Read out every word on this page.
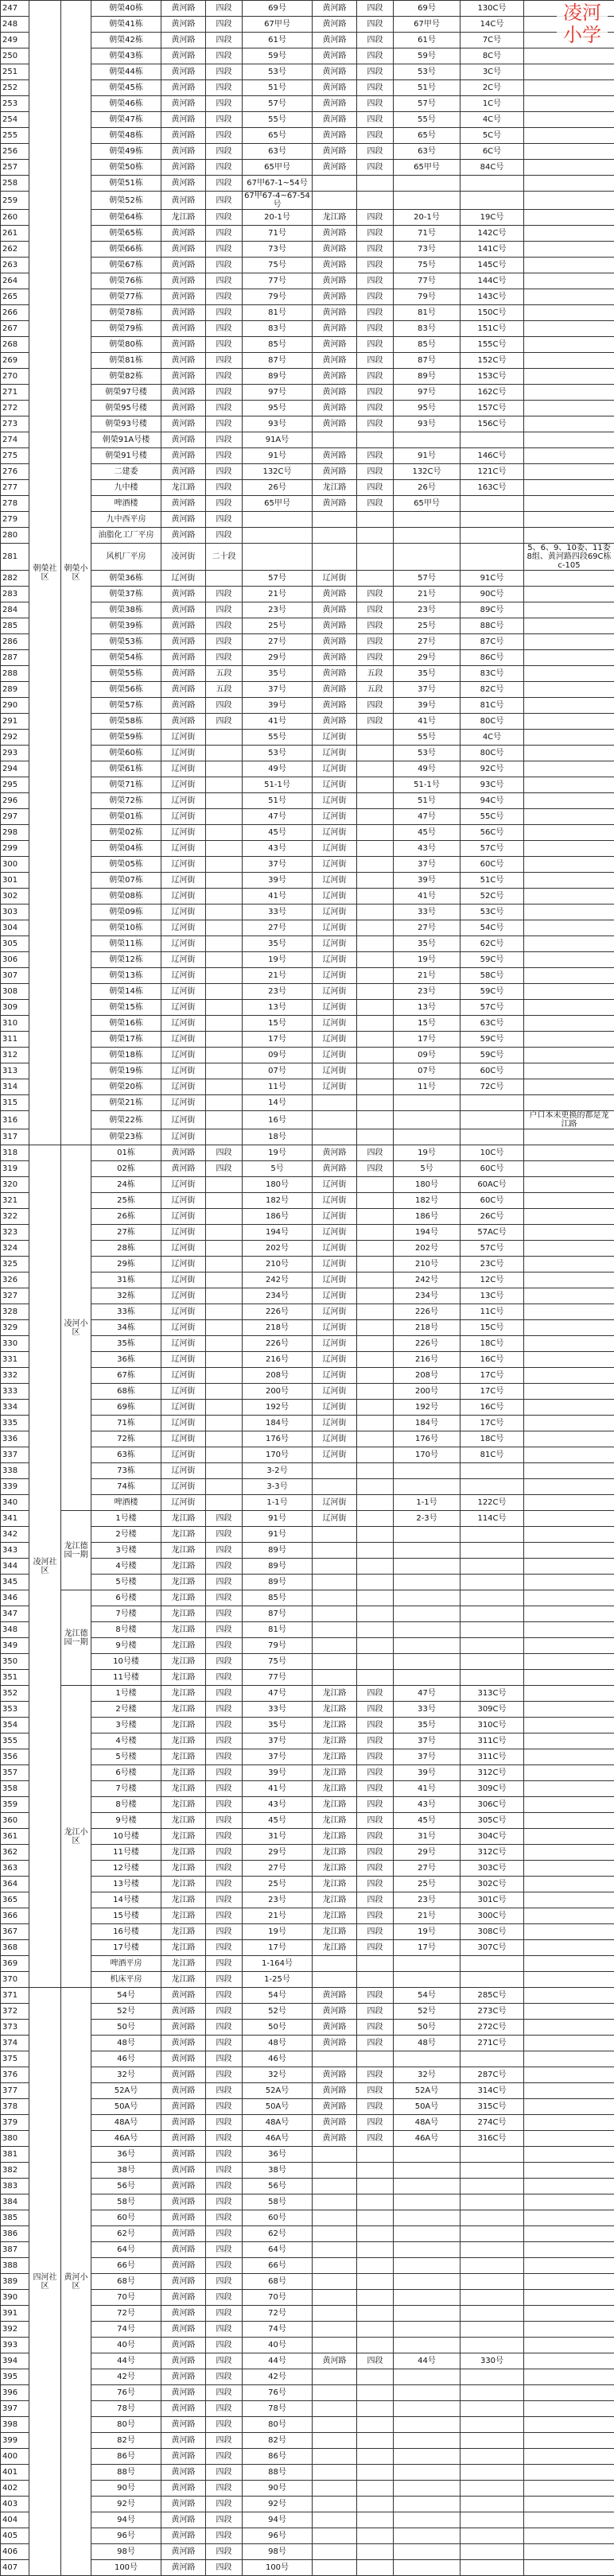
247	朝榮社区	朝榮小区	朝榮40栋	黄河路	四段	69号	黄河路	四段	69号	130C号	
248			朝榮41栋	黄河路	四段	67甲号	黄河路	四段	67甲号	14C号	
249			朝榮42栋	黄河路	四段	61号	黄河路	四段	61号	7C号	
250			朝榮43栋	黄河路	四段	59号	黄河路	四段	59号	8C号	
251			朝榮44栋	黄河路	四段	53号	黄河路	四段	53号	3C号	
252			朝榮45栋	黄河路	四段	51号	黄河路	四段	51号	2C号	
253			朝榮46栋	黄河路	四段	57号	黄河路	四段	57号	1C号	
254			朝榮47栋	黄河路	四段	55号	黄河路	四段	55号	4C号	
255			朝榮48栋	黄河路	四段	65号	黄河路	四段	65号	5C号	
256			朝榮49栋	黄河路	四段	63号	黄河路	四段	63号	6C号	
257			朝榮50栋	黄河路	四段	65甲号	黄河路	四段	65甲号	84C号	
258			朝榮51栋	黄河路	四段	67甲67-1~54号					
259			朝榮52栋	黄河路	四段	67甲67-4~67-54号					
260			朝榮64栋	龙江路	四段	20-1号	龙江路	四段	20-1号	19C号	
261			朝榮65栋	黄河路	四段	71号	黄河路	四段	71号	142C号	
262			朝榮66栋	黄河路	四段	73号	黄河路	四段	73号	141C号	
263			朝榮67栋	黄河路	四段	75号	黄河路	四段	75号	145C号	
264			朝榮76栋	黄河路	四段	77号	黄河路	四段	77号	144C号	
265			朝榮77栋	黄河路	四段	79号	黄河路	四段	79号	143C号	
266			朝榮78栋	黄河路	四段	81号	黄河路	四段	81号	150C号	
267			朝榮79栋	黄河路	四段	83号	黄河路	四段	83号	151C号	
268			朝榮80栋	黄河路	四段	85号	黄河路	四段	85号	155C号	
269			朝榮81栋	黄河路	四段	87号	黄河路	四段	87号	152C号	
270			朝榮82栋	黄河路	四段	89号	黄河路	四段	89号	153C号	
271			朝榮97号楼	黄河路	四段	97号	黄河路	四段	97号	162C号	
272			朝榮95号楼	黄河路	四段	95号	黄河路	四段	95号	157C号	
273			朝榮93号楼	黄河路	四段	93号	黄河路	四段	93号	156C号	
274			朝榮91A号楼	黄河路	四段	91A号					
275			朝榮91号楼	黄河路	四段	91号	黄河路	四段	91号	146C号	
276			二建委	黄河路	四段	132C号	黄河路	四段	132C号	121C号	
277			九中楼	龙江路	四段	26号	龙江路	四段	26号	163C号	
278			啤酒楼	黄河路	四段	65甲号	黄河路	四段	65甲号		
279			九中西平房	黄河路	四段						
280			油脂化工厂平房	黄河路	四段						
281			风机厂平房	凌河街	二十段						5、6、9、10委、11委8组、黄河路四段69C栋c-105
282			朝榮36栋	辽河街		57号	辽河街		57号	91C号	
283			朝榮37栋	黄河路	四段	21号	黄河路	四段	21号	90C号	
284			朝榮38栋	黄河路	四段	23号	黄河路	四段	23号	89C号	
285			朝榮39栋	黄河路	四段	25号	黄河路	四段	25号	88C号	
286			朝榮53栋	黄河路	四段	27号	黄河路	四段	27号	87C号	
287			朝榮54栋	黄河路	四段	29号	黄河路	四段	29号	86C号	
288			朝榮55栋	黄河路	五段	35号	黄河路	五段	35号	83C号	
289			朝榮56栋	黄河路	五段	37号	黄河路	五段	37号	82C号	
290			朝榮57栋	黄河路	四段	39号	黄河路	四段	39号	81C号	
291			朝榮58栋	黄河路	四段	41号	黄河路	四段	41号	80C号	
292			朝榮59栋	辽河街		55号	辽河街		55号	4C号	
293			朝榮60栋	辽河街		53号	辽河街		53号	80C号	
294			朝榮61栋	辽河街		49号	辽河街		49号	92C号	
295			朝榮71栋	辽河街		51-1号	辽河街		51-1号	93C号	
296			朝榮72栋	辽河街		51号	辽河街		51号	94C号	
297			朝榮01栋	辽河街		47号	辽河街		47号	55C号	
298			朝榮02栋	辽河街		45号	辽河街		45号	56C号	
299			朝榮04栋	辽河街		43号	辽河街		43号	57C号	
300			朝榮05栋	辽河街		37号	辽河街		37号	60C号	
301			朝榮07栋	辽河街		39号	辽河街		39号	51C号	
302			朝榮08栋	辽河街		41号	辽河街		41号	52C号	
303			朝榮09栋	辽河街		33号	辽河街		33号	53C号	
304			朝榮10栋	辽河街		27号	辽河街		27号	54C号	
305			朝榮11栋	辽河街		35号	辽河街		35号	62C号	
306			朝榮12栋	辽河街		19号	辽河街		19号	59C号	
307			朝榮13栋	辽河街		21号	辽河街		21号	58C号	
308			朝榮14栋	辽河街		23号	辽河街		23号	59C号	
309			朝榮15栋	辽河街		13号	辽河街		13号	57C号	
310			朝榮16栋	辽河街		15号	辽河街		15号	63C号	
311			朝榮17栋	辽河街		17号	辽河街		17号	59C号	
312			朝榮18栋	辽河街		09号	辽河街		09号	59C号	
313			朝榮19栋	辽河街		07号	辽河街		07号	60C号	
314			朝榮20栋	辽河街		11号	辽河街		11号	72C号	
315			朝榮21栋	辽河街		14号					
316			朝榮22栋	辽河街		16号					户口本未更换的都是龙江路
317			朝榮23栋	辽河街		18号					
318	凌河社区	凌河小区	01栋	黄河路	四段	19号	黄河路	四段	19号	10C号	
319			02栋	黄河路	四段	5号	黄河路	四段	5号	60C号	
320			24栋	辽河街		180号	辽河街		180号	60AC号	
321			25栋	辽河街		182号	辽河街		182号	60C号	
322			26栋	辽河街		186号	辽河街		186号	26C号	
323			27栋	辽河街		194号	辽河街		194号	57AC号	
324			28栋	辽河街		202号	辽河街		202号	57C号	
325			29栋	辽河街		210号	辽河街		210号	23C号	
326			31栋	辽河街		242号	辽河街		242号	12C号	
327			32栋	辽河街		234号	辽河街		234号	13C号	
328			33栋	辽河街		226号	辽河街		226号	11C号	
329			34栋	辽河街		218号	辽河街		218号	15C号	
330			35栋	辽河街		226号	辽河街		226号	18C号	
331			36栋	辽河街		216号	辽河街		216号	16C号	
332			67栋	辽河街		208号	辽河街		208号	17C号	
333			68栋	辽河街		200号	辽河街		200号	17C号	
334			69栋	辽河街		192号	辽河街		192号	16C号	
335			71栋	辽河街		184号	辽河街		184号	17C号	
336			72栋	辽河街		176号	辽河街		176号	18C号	
337			63栋	辽河街		170号	辽河街		170号	81C号	
338			73栋	辽河街		3-2号					
339			74栋	辽河街		3-3号					
340			啤酒楼	辽河街		1-1号	辽河街		1-1号	122C号	
341		龙江德园一期	1号楼	龙江路	四段	91号	辽河街		2-3号	114C号	
342			2号楼	龙江路	四段	91号					
343			3号楼	龙江路	四段	89号					
344			4号楼	龙江路	四段	89号					
345			5号楼	龙江路	四段	89号					
346		龙江德园一期	6号楼	龙江路	四段	85号					
347			7号楼	龙江路	四段	87号					
348			8号楼	龙江路	四段	81号					
349			9号楼	龙江路	四段	79号					
350			10号楼	龙江路	四段	75号					
351			11号楼	龙江路	四段	77号					
352		龙江小区	1号楼	龙江路	四段	47号	龙江路	四段	47号	313C号	
353			2号楼	龙江路	四段	33号	龙江路	四段	33号	309C号	
354			3号楼	龙江路	四段	35号	龙江路	四段	35号	310C号	
355			4号楼	龙江路	四段	37号	龙江路	四段	37号	311C号	
356			5号楼	龙江路	四段	37号	龙江路	四段	37号	311C号	
357			6号楼	龙江路	四段	39号	龙江路	四段	39号	312C号	
358			7号楼	龙江路	四段	41号	龙江路	四段	41号	309C号	
359			8号楼	龙江路	四段	43号	龙江路	四段	43号	306C号	
360			9号楼	龙江路	四段	45号	龙江路	四段	45号	305C号	
361			10号楼	龙江路	四段	31号	龙江路	四段	31号	304C号	
362			11号楼	龙江路	四段	29号	龙江路	四段	29号	312C号	
363			12号楼	龙江路	四段	27号	龙江路	四段	27号	303C号	
364			13号楼	龙江路	四段	25号	龙江路	四段	25号	302C号	
365			14号楼	龙江路	四段	23号	龙江路	四段	23号	301C号	
366			15号楼	龙江路	四段	21号	龙江路	四段	21号	300C号	
367			16号楼	龙江路	四段	19号	龙江路	四段	19号	308C号	
368			17号楼	龙江路	四段	17号	龙江路	四段	17号	307C号	
369			啤酒平房	龙江路	四段	1-164号					
370			机床平房	龙江路	四段	1-25号					
371	四河社区	黄河小区	54号	黄河路	四段	54号	黄河路	四段	54号	285C号	
372			52号	黄河路	四段	52号	黄河路	四段	52号	273C号	
373			50号	黄河路	四段	50号	黄河路	四段	50号	272C号	
374			48号	黄河路	四段	48号	黄河路	四段	48号	271C号	
375			46号	黄河路	四段	46号					
376			32号	黄河路	四段	32号	黄河路	四段	32号	287C号	
377			52A号	黄河路	四段	52A号	黄河路	四段	52A号	314C号	
378			50A号	黄河路	四段	50A号	黄河路	四段	50A号	315C号	
379			48A号	黄河路	四段	48A号	黄河路	四段	48A号	274C号	
380			46A号	黄河路	四段	46A号	黄河路	四段	46A号	316C号	
381			36号	黄河路	四段	36号					
382			38号	黄河路	四段	38号					
383			56号	黄河路	四段	56号					
384			58号	黄河路	四段	58号					
385			60号	黄河路	四段	60号					
386			62号	黄河路	四段	62号					
387			64号	黄河路	四段	64号					
388			66号	黄河路	四段	66号					
389			68号	黄河路	四段	68号					
390			70号	黄河路	四段	70号					
391			72号	黄河路	四段	72号					
392			74号	黄河路	四段	74号					
393			40号	黄河路	四段	40号					
394			44号	黄河路	四段	44号	黄河路	四段	44号	330号	
395			42号	黄河路	四段	42号					
396			76号	黄河路	四段	76号					
397			78号	黄河路	四段	78号					
398			80号	黄河路	四段	80号					
399			82号	黄河路	四段	82号					
400			86号	黄河路	四段	86号					
401			88号	黄河路	四段	88号					
402			90号	黄河路	四段	90号					
403			92号	黄河路	四段	92号					
404			94号	黄河路	四段	94号					
405			96号	黄河路	四段	96号					
406			98号	黄河路	四段	98号					
407			100号	黄河路	四段	100号					
凌河小学
